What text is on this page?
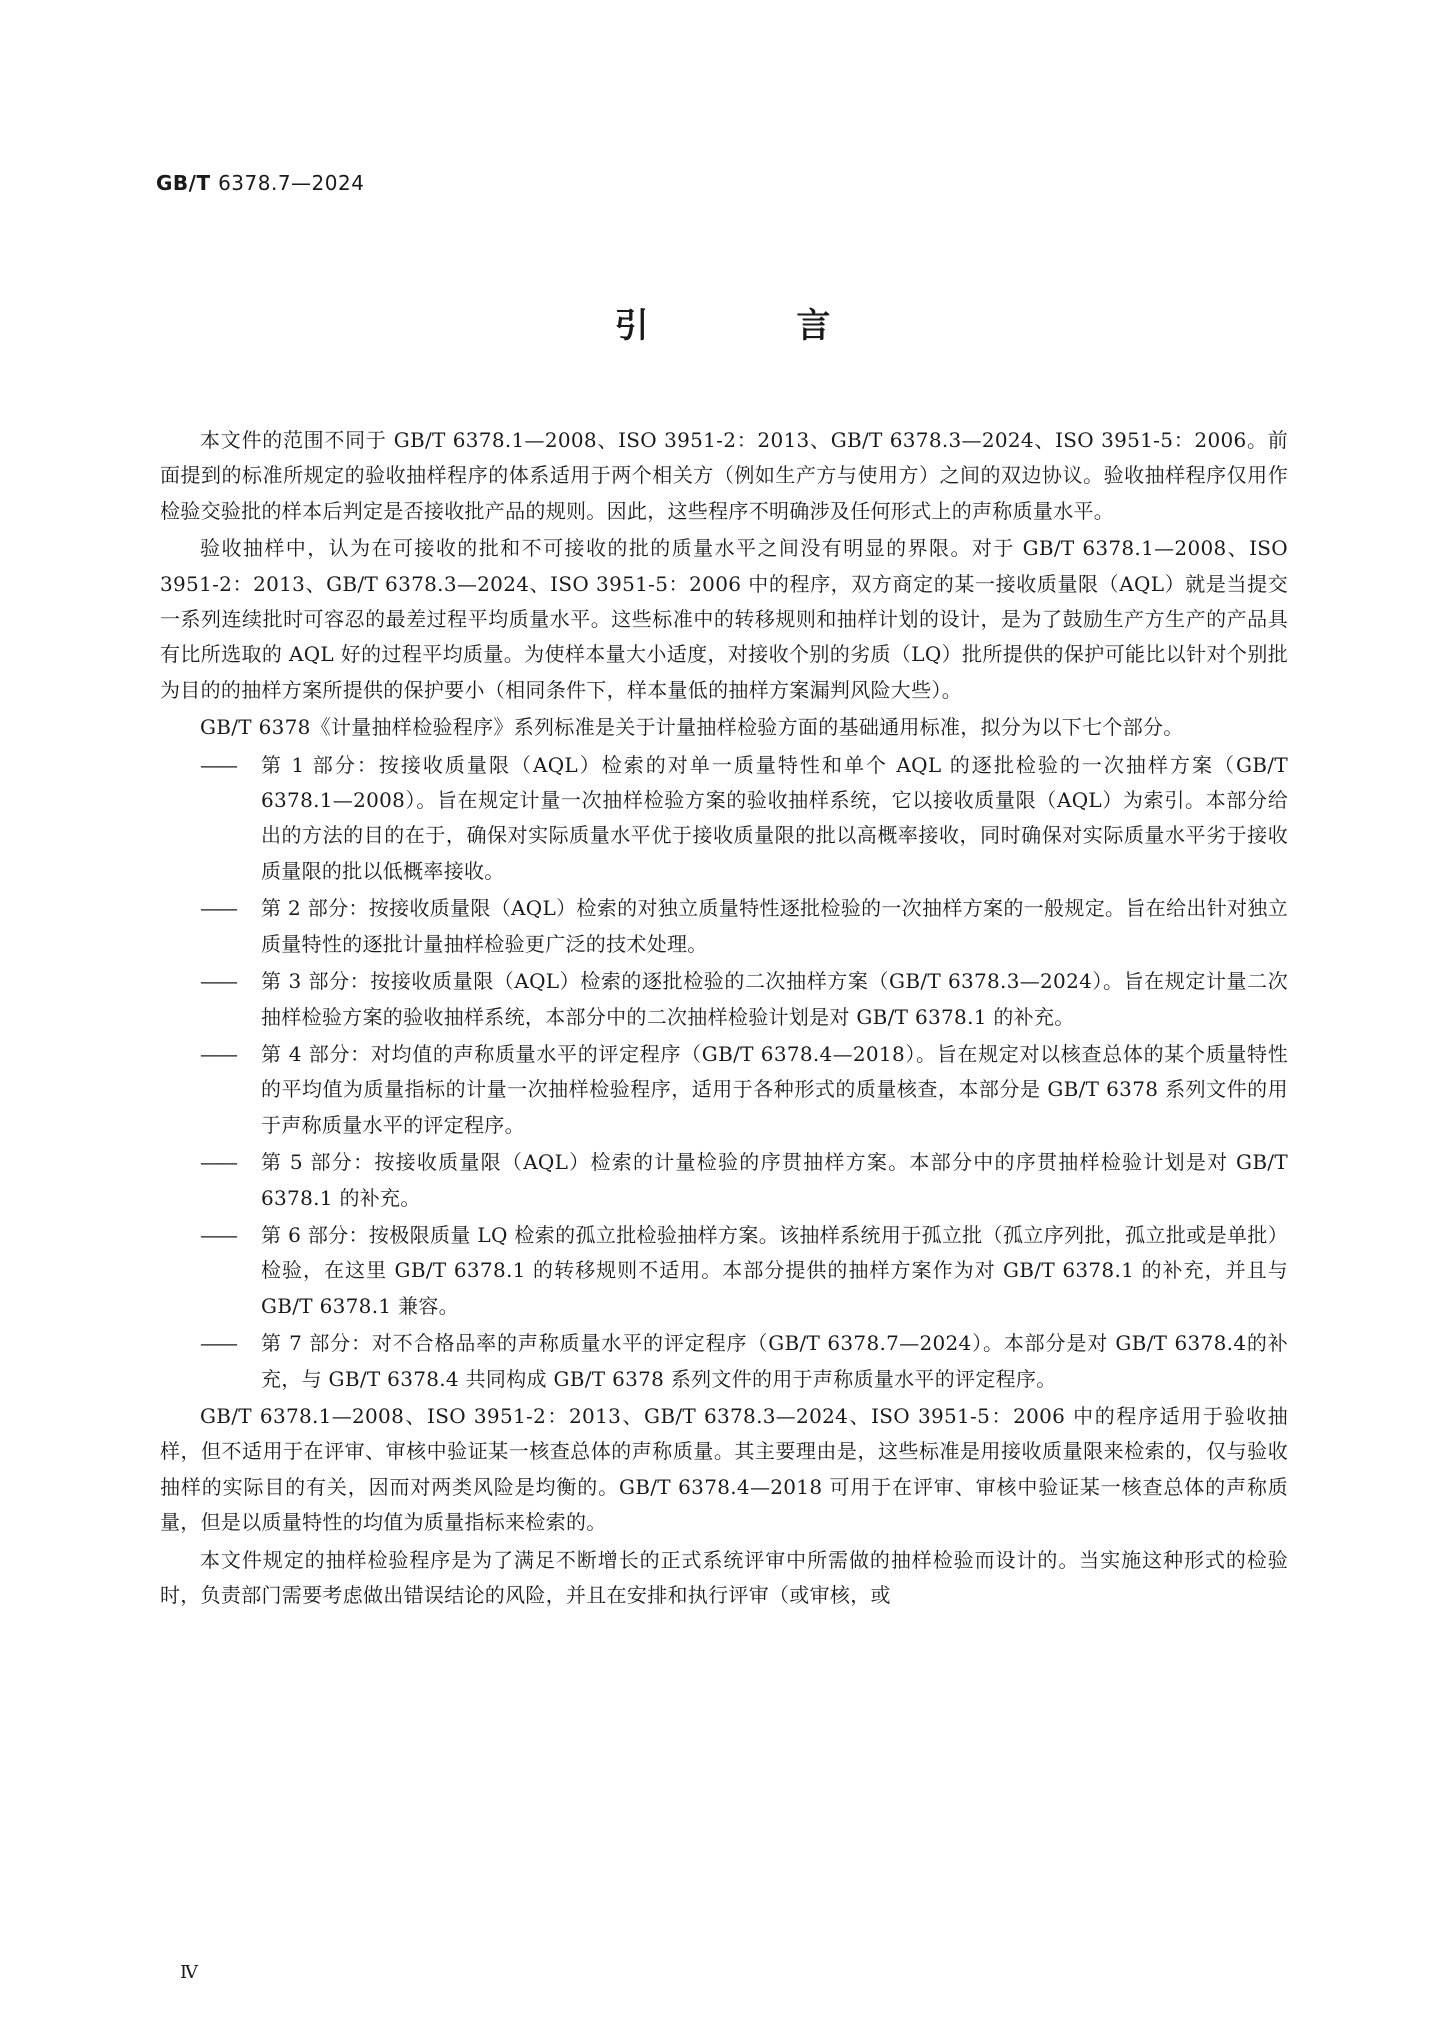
GB/T 6378.7—2024
引 言

本文件的范围不同于 GB/T 6378.1—2008、ISO 3951-2：2013、GB/T 6378.3—2024、ISO 3951-5：2006。前面提到的标准所规定的验收抽样程序的体系适用于两个相关方（例如生产方与使用方）之间的双边协议。验收抽样程序仅用作检验交验批的样本后判定是否接收批产品的规则。因此，这些程序不明确涉及任何形式上的声称质量水平。

验收抽样中，认为在可接收的批和不可接收的批的质量水平之间没有明显的界限。对于 GB/T 6378.1—2008、ISO 3951-2：2013、GB/T 6378.3—2024、ISO 3951-5：2006 中的程序，双方商定的某一接收质量限（AQL）就是当提交一系列连续批时可容忍的最差过程平均质量水平。这些标准中的转移规则和抽样计划的设计，是为了鼓励生产方生产的产品具有比所选取的 AQL 好的过程平均质量。为使样本量大小适度，对接收个别的劣质（LQ）批所提供的保护可能比以针对个别批为目的的抽样方案所提供的保护要小（相同条件下，样本量低的抽样方案漏判风险大些）。

GB/T 6378《计量抽样检验程序》系列标准是关于计量抽样检验方面的基础通用标准，拟分为以下七个部分。

——	第 1 部分：按接收质量限（AQL）检索的对单一质量特性和单个 AQL 的逐批检验的一次抽样方案（GB/T 6378.1—2008）。旨在规定计量一次抽样检验方案的验收抽样系统，它以接收质量限（AQL）为索引。本部分给出的方法的目的在于，确保对实际质量水平优于接收质量限的批以高概率接收，同时确保对实际质量水平劣于接收质量限的批以低概率接收。
——	第 2 部分：按接收质量限（AQL）检索的对独立质量特性逐批检验的一次抽样方案的一般规定。旨在给出针对独立质量特性的逐批计量抽样检验更广泛的技术处理。
——	第 3 部分：按接收质量限（AQL）检索的逐批检验的二次抽样方案（GB/T 6378.3—2024）。旨在规定计量二次抽样检验方案的验收抽样系统，本部分中的二次抽样检验计划是对 GB/T 6378.1 的补充。
——	第 4 部分：对均值的声称质量水平的评定程序（GB/T 6378.4—2018）。旨在规定对以核查总体的某个质量特性的平均值为质量指标的计量一次抽样检验程序，适用于各种形式的质量核查，本部分是 GB/T 6378 系列文件的用于声称质量水平的评定程序。
——	第 5 部分：按接收质量限（AQL）检索的计量检验的序贯抽样方案。本部分中的序贯抽样检验计划是对 GB/T 6378.1 的补充。
——	第 6 部分：按极限质量 LQ 检索的孤立批检验抽样方案。该抽样系统用于孤立批（孤立序列批，孤立批或是单批）检验，在这里 GB/T 6378.1 的转移规则不适用。本部分提供的抽样方案作为对 GB/T 6378.1 的补充，并且与 GB/T 6378.1 兼容。
——	第 7 部分：对不合格品率的声称质量水平的评定程序（GB/T 6378.7—2024）。本部分是对 GB/T 6378.4的补充，与 GB/T 6378.4 共同构成 GB/T 6378 系列文件的用于声称质量水平的评定程序。

GB/T 6378.1—2008、ISO 3951-2：2013、GB/T 6378.3—2024、ISO 3951-5：2006 中的程序适用于验收抽样，但不适用于在评审、审核中验证某一核查总体的声称质量。其主要理由是，这些标准是用接收质量限来检索的，仅与验收抽样的实际目的有关，因而对两类风险是均衡的。GB/T 6378.4—2018 可用于在评审、审核中验证某一核查总体的声称质量，但是以质量特性的均值为质量指标来检索的。

本文件规定的抽样检验程序是为了满足不断增长的正式系统评审中所需做的抽样检验而设计的。当实施这种形式的检验时，负责部门需要考虑做出错误结论的风险，并且在安排和执行评审（或审核，或

Ⅳ
